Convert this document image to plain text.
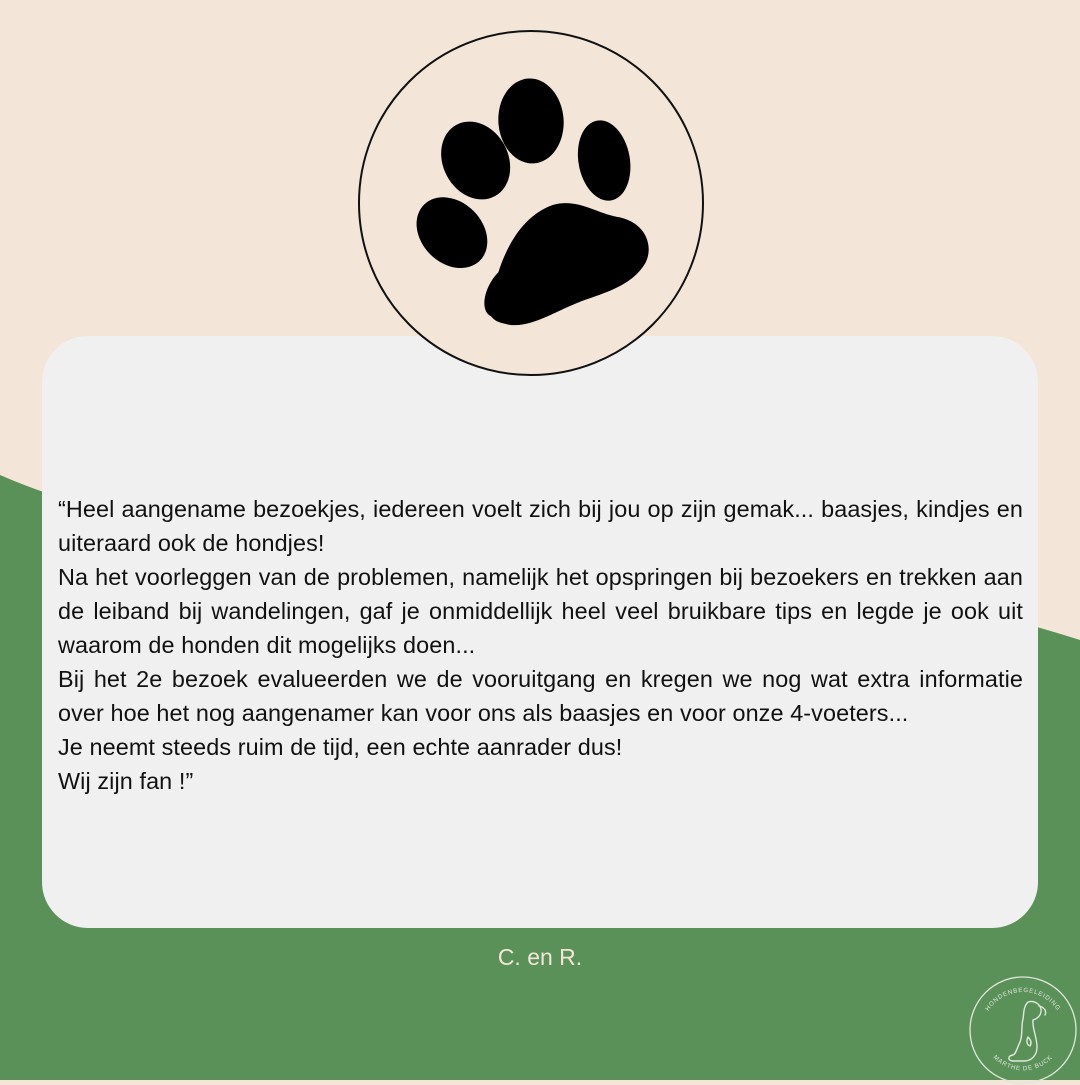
“Heel aangename bezoekjes, iedereen voelt zich bij jou op zijn gemak... baasjes, kindjes en uiteraard ook de hondjes!
Na het voorleggen van de problemen, namelijk het opspringen bij bezoekers en trekken aan de leiband bij wandelingen, gaf je onmiddellijk heel veel bruikbare tips en legde je ook uit waarom de honden dit mogelijks doen...
Bij het 2e bezoek evalueerden we de vooruitgang en kregen we nog wat extra informatie over hoe het nog aangenamer kan voor ons als baasjes en voor onze 4-voeters...
Je neemt steeds ruim de tijd, een echte aanrader dus!
Wij zijn fan !”
C. en R.
HONDENBEGELEIDING
MARTHE DE BUCK
